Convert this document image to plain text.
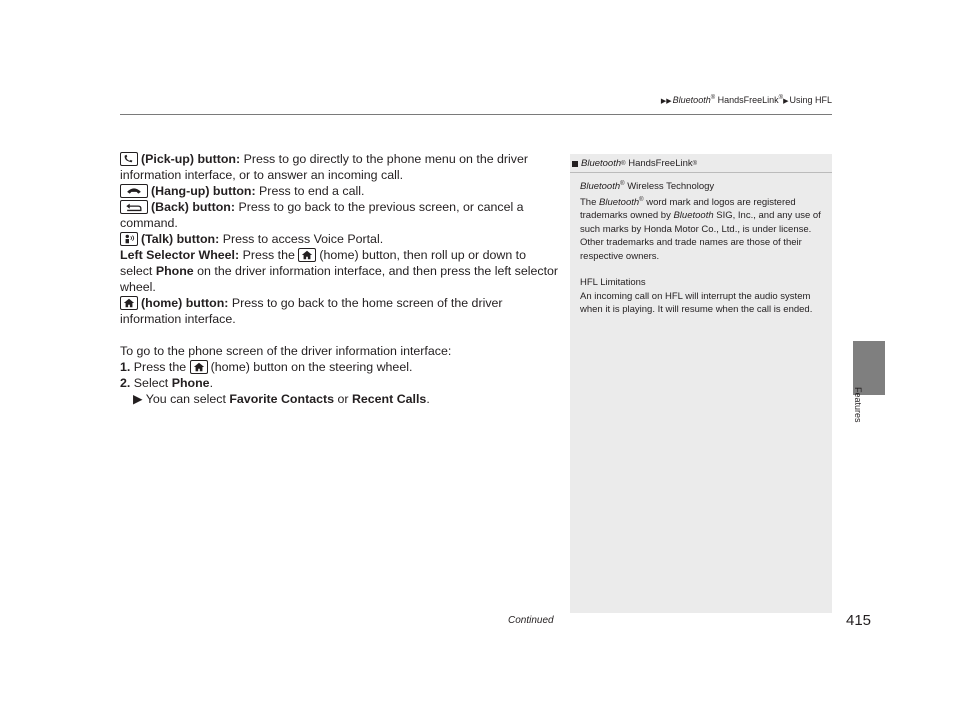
▶▶Bluetooth® HandsFreeLink®▶Using HFL
Features

(Pick-up) button: Press to go directly to the phone menu on the driver information interface, or to answer an incoming call.

(Hang-up) button: Press to end a call.

(Back) button: Press to go back to the previous screen, or cancel a command.

(Talk) button: Press to access Voice Portal.

Left Selector Wheel: Press the (home) button, then roll up or down to select Phone on the driver information interface, and then press the left selector wheel.

(home) button: Press to go back to the home screen of the driver information interface.

To go to the phone screen of the driver information interface:

1. Press the (home) button on the steering wheel.

2. Select Phone.

▶ You can select Favorite Contacts or Recent Calls.

Bluetooth ®
HandsFreeLink ®

Bluetooth® Wireless Technology

The Bluetooth® word mark and logos are registered trademarks owned by Bluetooth SIG, Inc., and any use of such marks by Honda Motor Co., Ltd., is under license. Other trademarks and trade names are those of their respective owners.

HFL Limitations

An incoming call on HFL will interrupt the audio system when it is playing. It will resume when the call is ended.

Continued	415
